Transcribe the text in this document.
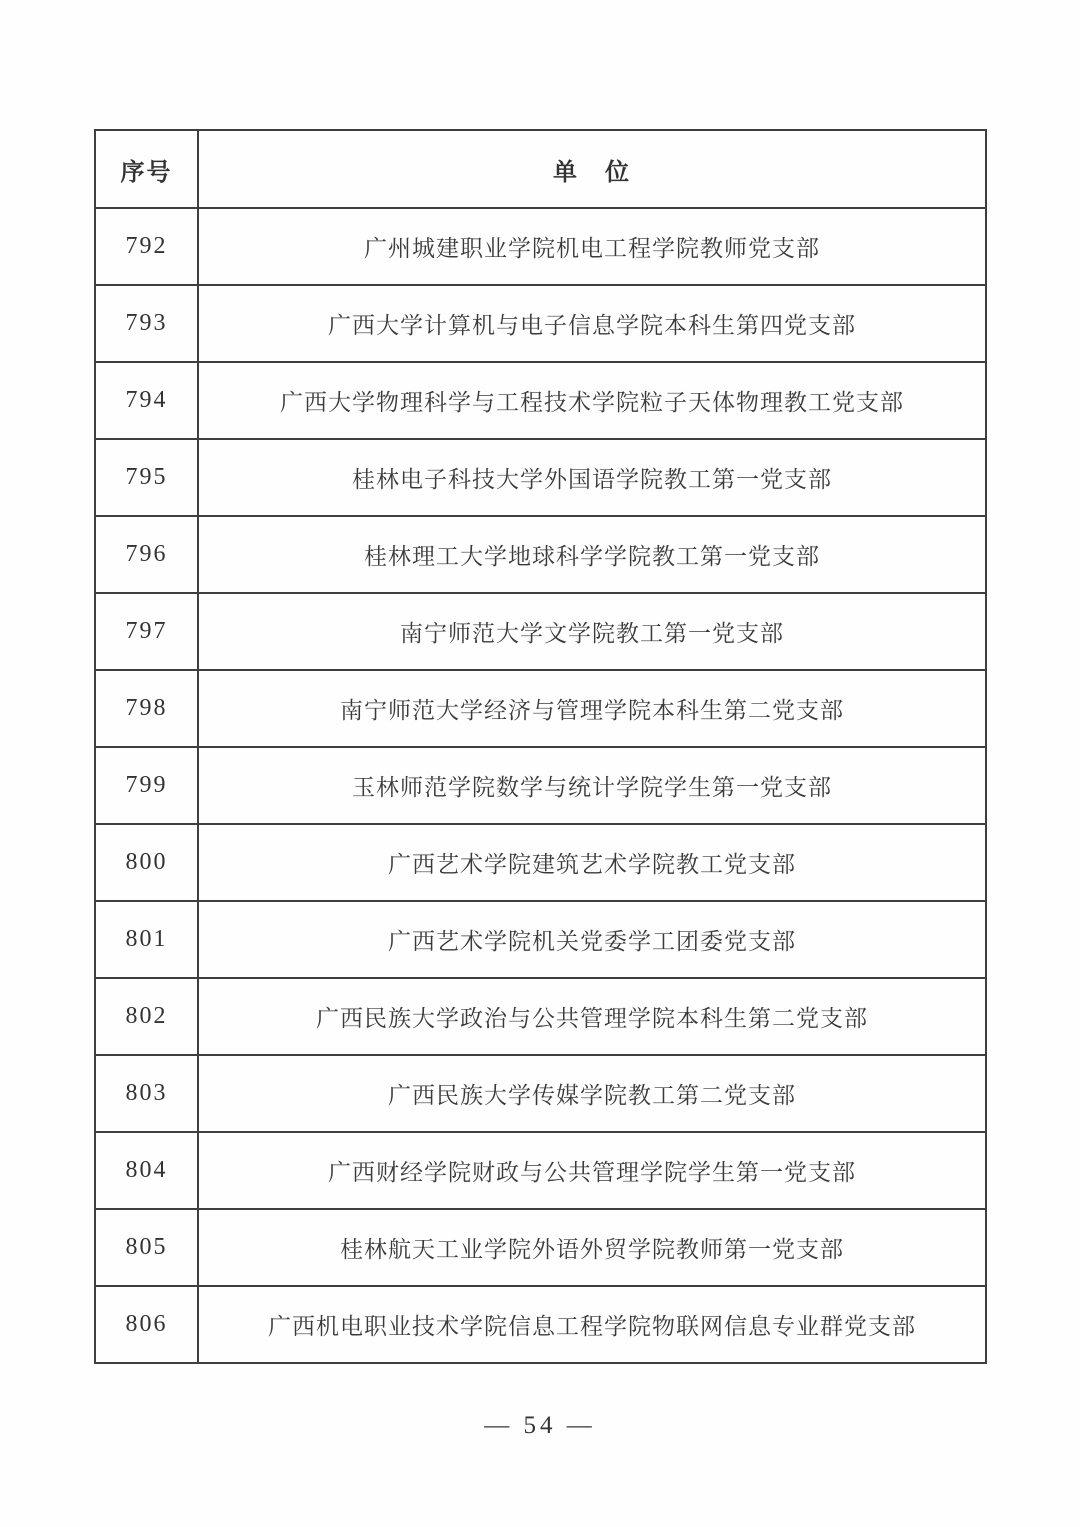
序号	单　位
792	广州城建职业学院机电工程学院教师党支部
793	广西大学计算机与电子信息学院本科生第四党支部
794	广西大学物理科学与工程技术学院粒子天体物理教工党支部
795	桂林电子科技大学外国语学院教工第一党支部
796	桂林理工大学地球科学学院教工第一党支部
797	南宁师范大学文学院教工第一党支部
798	南宁师范大学经济与管理学院本科生第二党支部
799	玉林师范学院数学与统计学院学生第一党支部
800	广西艺术学院建筑艺术学院教工党支部
801	广西艺术学院机关党委学工团委党支部
802	广西民族大学政治与公共管理学院本科生第二党支部
803	广西民族大学传媒学院教工第二党支部
804	广西财经学院财政与公共管理学院学生第一党支部
805	桂林航天工业学院外语外贸学院教师第一党支部
806	广西机电职业技术学院信息工程学院物联网信息专业群党支部
— 54 —
